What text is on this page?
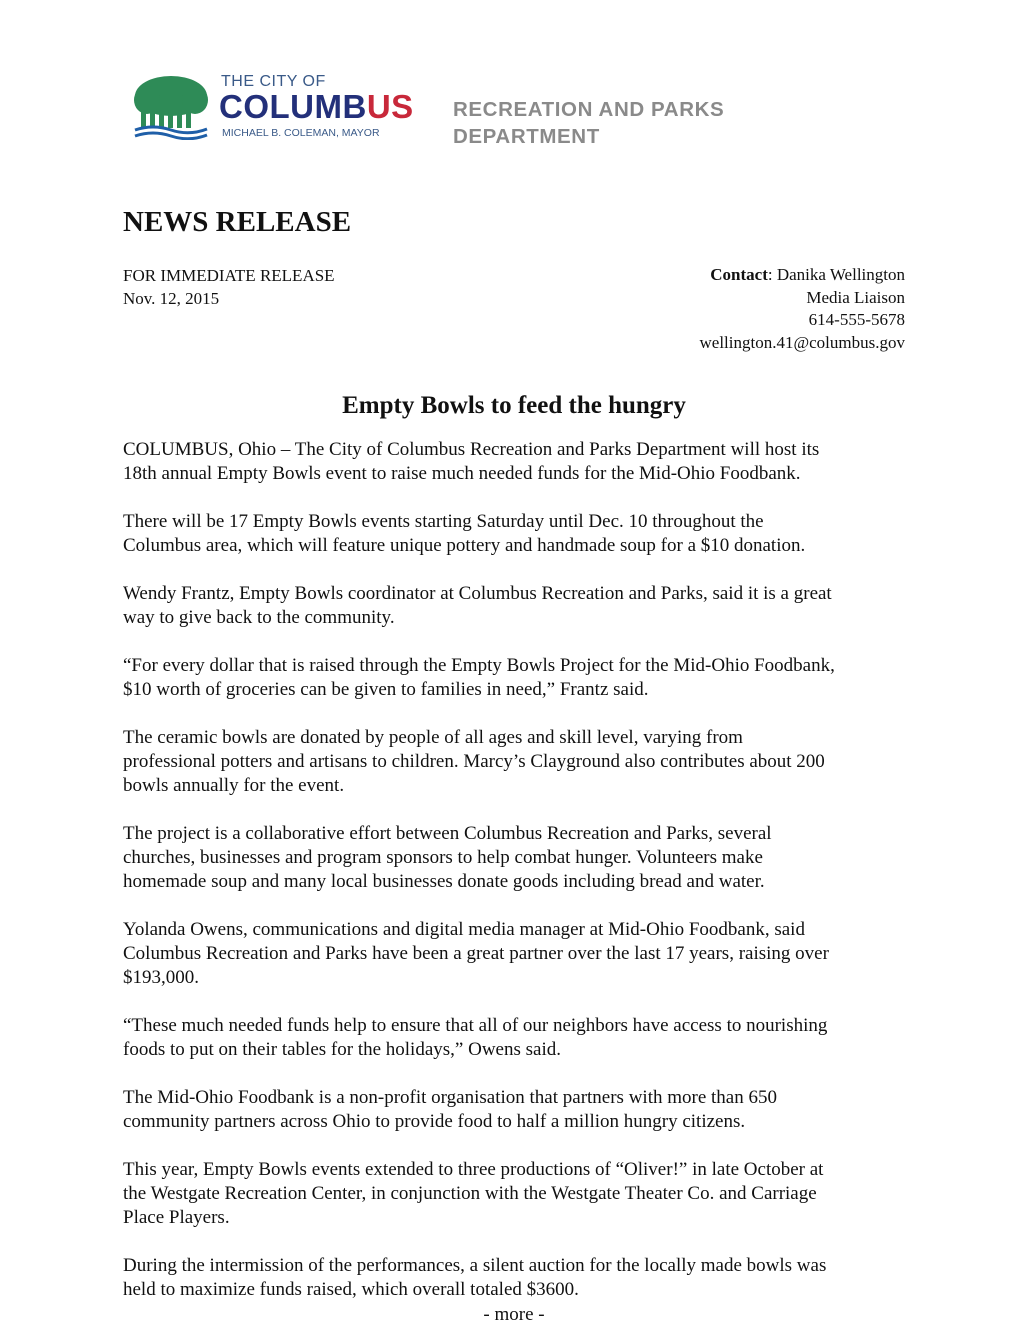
THE CITY OF
COLUMBUS
MICHAEL B. COLEMAN, MAYOR
RECREATION AND PARKS
DEPARTMENT
NEWS RELEASE
FOR IMMEDIATE RELEASE
Nov. 12, 2015
Contact: Danika Wellington
Media Liaison
614-555-5678
wellington.41@columbus.gov
Empty Bowls to feed the hungry

COLUMBUS, Ohio – The City of Columbus Recreation and Parks Department will host its
18th annual Empty Bowls event to raise much needed funds for the Mid-Ohio Foodbank.

There will be 17 Empty Bowls events starting Saturday until Dec. 10 throughout the
Columbus area, which will feature unique pottery and handmade soup for a $10 donation.

Wendy Frantz, Empty Bowls coordinator at Columbus Recreation and Parks, said it is a great
way to give back to the community.

“For every dollar that is raised through the Empty Bowls Project for the Mid-Ohio Foodbank,
$10 worth of groceries can be given to families in need,” Frantz said.

The ceramic bowls are donated by people of all ages and skill level, varying from
professional potters and artisans to children. Marcy’s Clayground also contributes about 200
bowls annually for the event.

The project is a collaborative effort between Columbus Recreation and Parks, several
churches, businesses and program sponsors to help combat hunger. Volunteers make
homemade soup and many local businesses donate goods including bread and water.

Yolanda Owens, communications and digital media manager at Mid-Ohio Foodbank, said
Columbus Recreation and Parks have been a great partner over the last 17 years, raising over
$193,000.

“These much needed funds help to ensure that all of our neighbors have access to nourishing
foods to put on their tables for the holidays,” Owens said.

The Mid-Ohio Foodbank is a non-profit organisation that partners with more than 650
community partners across Ohio to provide food to half a million hungry citizens.

This year, Empty Bowls events extended to three productions of “Oliver!” in late October at
the Westgate Recreation Center, in conjunction with the Westgate Theater Co. and Carriage
Place Players.

During the intermission of the performances, a silent auction for the locally made bowls was
held to maximize funds raised, which overall totaled $3600.

- more -
